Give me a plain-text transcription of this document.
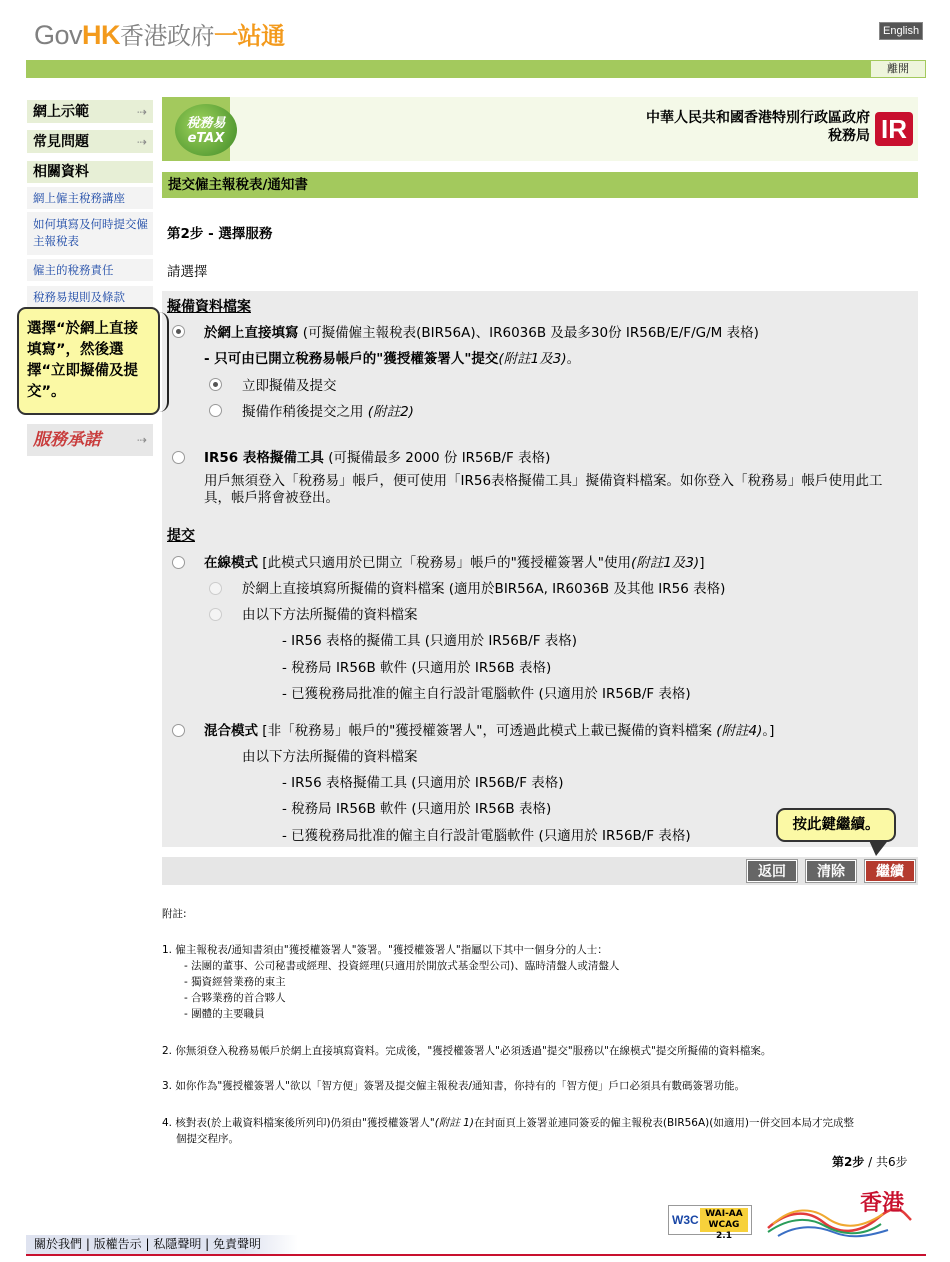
GovHK香港政府一站通	English
離開
網上示範	⇢
常見問題	⇢
相關資料
網上僱主稅務講座
如何填寫及何時提交僱主報稅表
僱主的稅務責任
稅務易規則及條款
服務承諾	⇢
稅務易
eTAX
中華人民共和國香港特別行政區政府
稅務局 IR
提交僱主報稅表/通知書
第2步 - 選擇服務
請選擇
擬備資料檔案
於網上直接填寫 (可擬備僱主報稅表(BIR56A)、IR6036B 及最多30份 IR56B/E/F/G/M 表格)
- 只可由已開立稅務易帳戶的"獲授權簽署人"提交(附註1及3)。
立即擬備及提交
擬備作稍後提交之用 (附註2)
IR56 表格擬備工具 (可擬備最多 2000 份 IR56B/F 表格)
用戶無須登入「稅務易」帳戶，便可使用「IR56表格擬備工具」擬備資料檔案。如你登入「稅務易」帳戶使用此工具，帳戶將會被登出。
提交
在線模式 [此模式只適用於已開立「稅務易」帳戶的"獲授權簽署人"使用(附註1及3)]
於網上直接填寫所擬備的資料檔案 (適用於BIR56A, IR6036B 及其他 IR56 表格)
由以下方法所擬備的資料檔案
- IR56 表格的擬備工具 (只適用於 IR56B/F 表格)
- 稅務局 IR56B 軟件 (只適用於 IR56B 表格)
- 已獲稅務局批准的僱主自行設計電腦軟件 (只適用於 IR56B/F 表格)
混合模式 [非「稅務易」帳戶的"獲授權簽署人"，可透過此模式上載已擬備的資料檔案 (附註4)。]
由以下方法所擬備的資料檔案
- IR56 表格擬備工具 (只適用於 IR56B/F 表格)
- 稅務局 IR56B 軟件 (只適用於 IR56B 表格)
- 已獲稅務局批准的僱主自行設計電腦軟件 (只適用於 IR56B/F 表格)
選擇“於網上直接填寫”，然後選擇“立即擬備及提交”。
按此鍵繼續。
返回	清除	繼續
附註:
1. 僱主報稅表/通知書須由"獲授權簽署人"簽署。"獲授權簽署人"指屬以下其中一個身分的人士：
- 法團的董事、公司秘書或經理、投資經理(只適用於開放式基金型公司)、臨時清盤人或清盤人
- 獨資經營業務的東主
- 合夥業務的首合夥人
- 團體的主要職員
2. 你無須登入稅務易帳戶於網上直接填寫資料。完成後，"獲授權簽署人"必須透過"提交"服務以"在線模式"提交所擬備的資料檔案。
3. 如你作為"獲授權簽署人"欲以「智方便」簽署及提交僱主報稅表/通知書，你持有的「智方便」戶口必須具有數碼簽署功能。
4. 核對表(於上載資料檔案後所列印)仍須由"獲授權簽署人"(附註 1)在封面頁上簽署並連同簽妥的僱主報稅表(BIR56A)(如適用)一併交回本局才完成整
個提交程序。
第2步 / 共6步
W3C WAI-AA
WCAG 2.1
香港
關於我們 | 版權告示 | 私隱聲明 | 免責聲明
